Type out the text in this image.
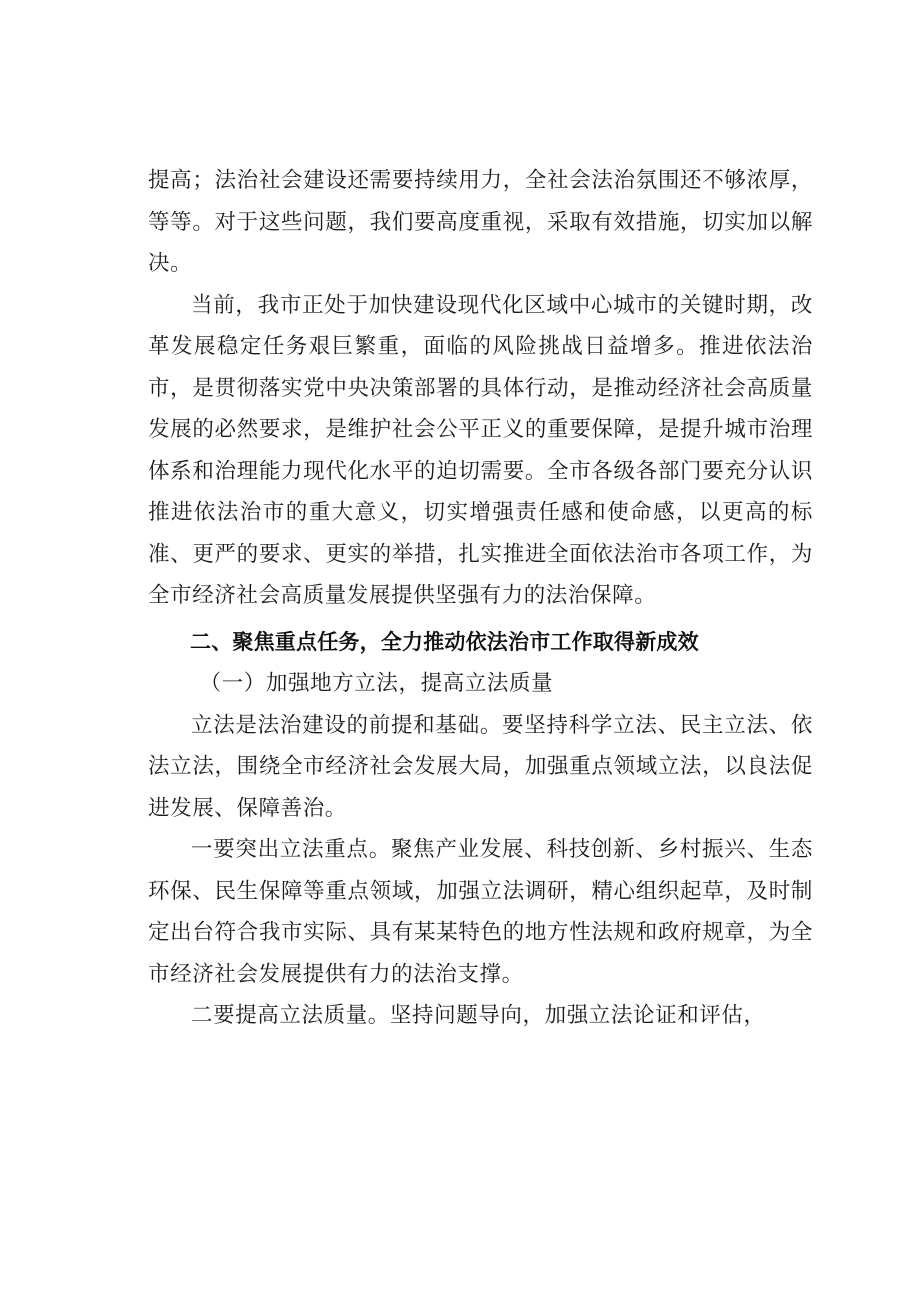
提高；法治社会建设还需要持续用力，全社会法治氛围还不够浓厚，等等。对于这些问题，我们要高度重视，采取有效措施，切实加以解决。

当前，我市正处于加快建设现代化区域中心城市的关键时期，改革发展稳定任务艰巨繁重，面临的风险挑战日益增多。推进依法治市，是贯彻落实党中央决策部署的具体行动，是推动经济社会高质量发展的必然要求，是维护社会公平正义的重要保障，是提升城市治理体系和治理能力现代化水平的迫切需要。全市各级各部门要充分认识推进依法治市的重大意义，切实增强责任感和使命感，以更高的标准、更严的要求、更实的举措，扎实推进全面依法治市各项工作，为全市经济社会高质量发展提供坚强有力的法治保障。

二、聚焦重点任务，全力推动依法治市工作取得新成效

（一）加强地方立法，提高立法质量

立法是法治建设的前提和基础。要坚持科学立法、民主立法、依法立法，围绕全市经济社会发展大局，加强重点领域立法，以良法促进发展、保障善治。

一要突出立法重点。聚焦产业发展、科技创新、乡村振兴、生态环保、民生保障等重点领域，加强立法调研，精心组织起草，及时制定出台符合我市实际、具有某某特色的地方性法规和政府规章，为全市经济社会发展提供有力的法治支撑。

二要提高立法质量。坚持问题导向，加强立法论证和评估，
